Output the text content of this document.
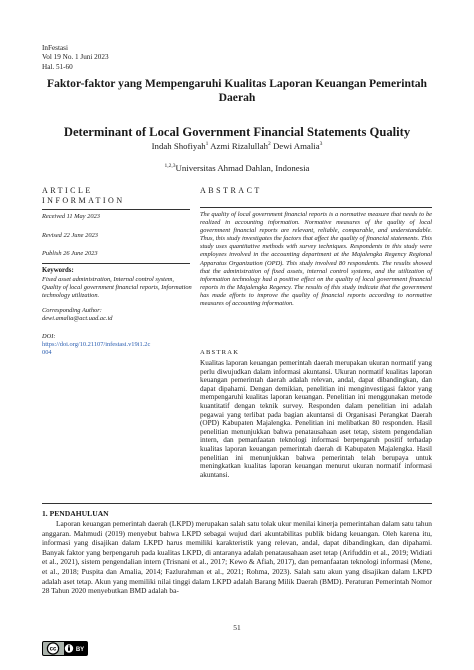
InFestasi
Vol 19 No. 1 Juni 2023
Hal. 51-60
Faktor-faktor yang Mempengaruhi Kualitas Laporan Keuangan Pemerintah Daerah
Determinant of Local Government Financial Statements Quality
Indah Shofiyah$^1$ Azmi Rizalullah$^2$ Dewi Amalia$^3$
$^{1,2,3}$Universitas Ahmad Dahlan, Indonesia
ARTICLE INFORMATION
Received 11 May 2023
Revised 22 June 2023
Publish 26 June 2023
Keywords:
Fixed asset administration, Internal control system, Quality of local government financial reports, Information technology utilization.
Corresponding Author:
dewi.amalia@act.uad.ac.id
DOI:
https://doi.org/10.21107/infestasi.v19i1.2c
004
ABSTRACT
The quality of local government financial reports is a normative measure that needs to be realized in accounting information. Normative measures of the quality of local government financial reports are relevant, reliable, comparable, and understandable. Thus, this study investigates the factors that affect the quality of financial statements. This study uses quantitative methods with survey techniques. Respondents in this study were employees involved in the accounting department at the Majalengka Regency Regional Apparatus Organization (OPD). This study involved 80 respondents. The results showed that the administration of fixed assets, internal control systems, and the utilization of information technology had a positive effect on the quality of local government financial reports in the Majalengka Regency. The results of this study indicate that the government has made efforts to improve the quality of financial reports according to normative measures of accounting information.
ABSTRAK
Kualitas laporan keuangan pemerintah daerah merupakan ukuran normatif yang perlu diwujudkan dalam informasi akuntansi. Ukuran normatif kualitas laporan keuangan pemerintah daerah adalah relevan, andal, dapat dibandingkan, dan dapat dipahami. Dengan demikian, penelitian ini menginvestigasi faktor yang mempengaruhi kualitas laporan keuangan. Penelitian ini menggunakan metode kuantitatif dengan teknik survey. Responden dalam penelitian ini adalah pegawai yang terlibat pada bagian akuntansi di Organisasi Perangkat Daerah (OPD) Kabupaten Majalengka. Penelitian ini melibatkan 80 responden. Hasil penelitian menunjukkan bahwa penatausahaan aset tetap, sistem pengendalian intern, dan pemanfaatan teknologi informasi berpengaruh positif terhadap kualitas laporan keuangan pemerintah daerah di Kabupaten Majalengka. Hasil penelitian ini menunjukkan bahwa pemerintah telah berupaya untuk meningkatkan kualitas laporan keuangan menurut ukuran normatif informasi akuntansi.
1. PENDAHULUAN
Laporan keuangan pemerintah daerah (LKPD) merupakan salah satu tolak ukur menilai kinerja pemerintahan dalam satu tahun anggaran. Mahmudi (2019) menyebut bahwa LKPD sebagai wujud dari akuntabilitas publik bidang keuangan. Oleh karena itu, informasi yang disajikan dalam LKPD harus memiliki karakteristik yang relevan, andal, dapat dibandingkan, dan dipahami. Banyak faktor yang berpengaruh pada kualitas LKPD, di antaranya adalah penatausahaan aset tetap (Arifuddin et al., 2019; Widiati et al., 2021), sistem pengendalian intern (Trisnani et al., 2017; Kewo & Afiah, 2017), dan pemanfaatan teknologi informasi (Mene, et al., 2018; Puspita dan Amalia, 2014; Fazlurahman et al., 2021; Rohma, 2023). Salah satu akun yang disajikan dalam LKPD adalah aset tetap. Akun yang memiliki nilai tinggi dalam LKPD adalah Barang Milik Daerah (BMD). Peraturan Pemerintah Nomor 28 Tahun 2020 menyebutkan BMD adalah ba-
51
cc	BY
